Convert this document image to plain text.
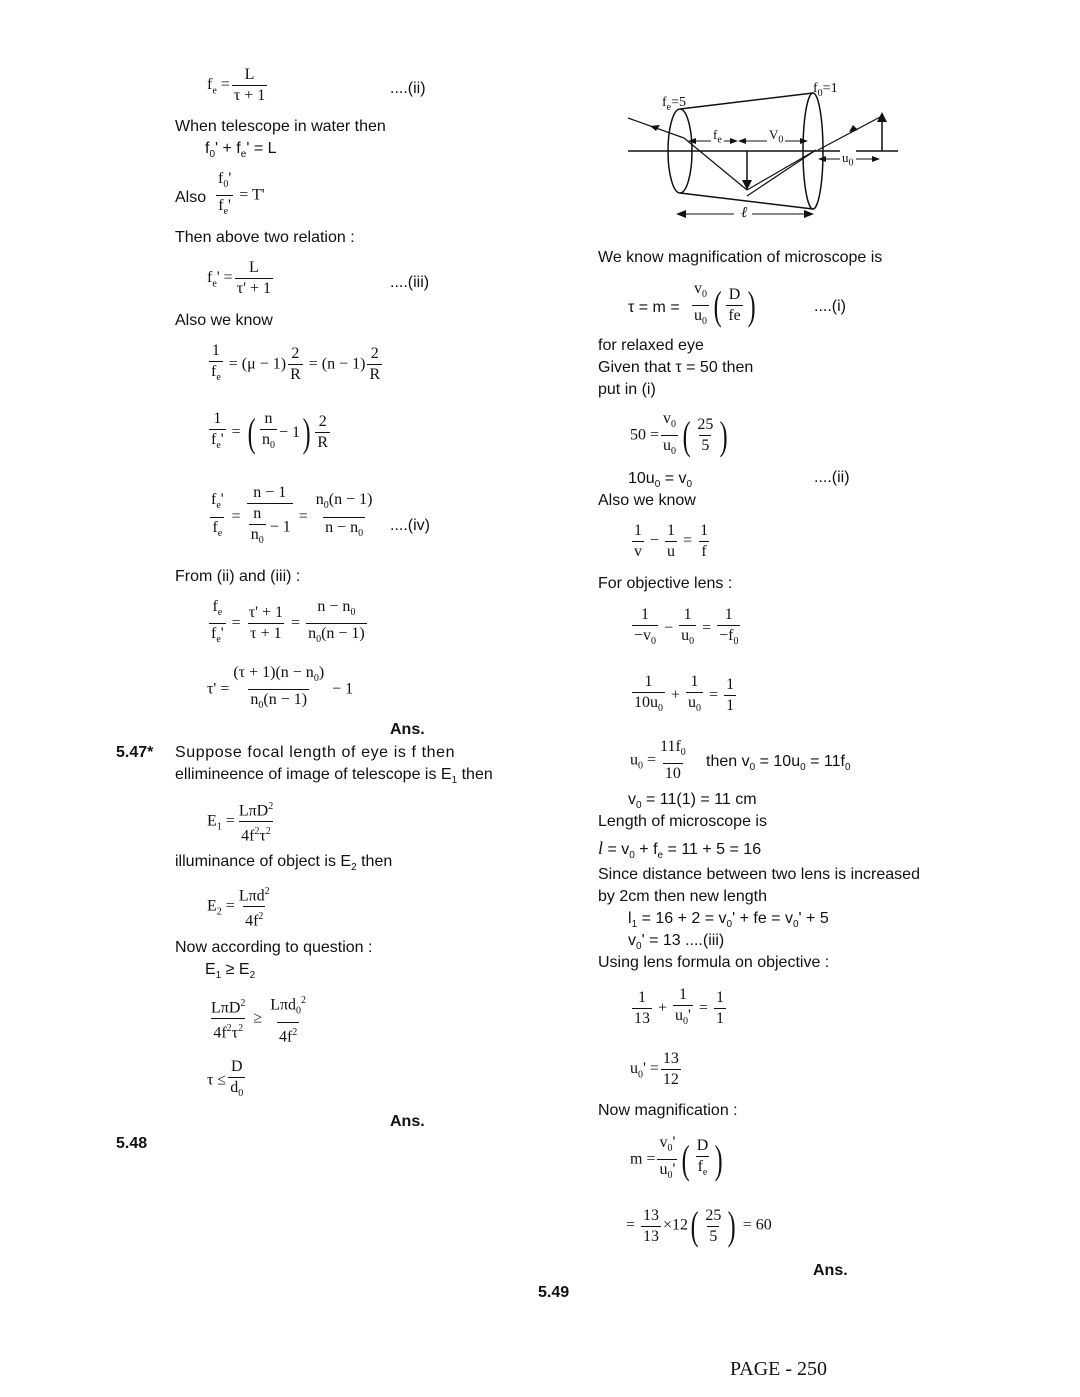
$f_e = \frac{L}{\tau + 1}$	....(ii)
When telescope in water then
$f_0' + f_e' = L$
Also $\frac{f_0'}{f_e'} = T'$
Then above two relation :
$f_e' = \frac{L}{\tau' + 1}$	....(iii)
Also we know
$\frac{1}{f_e} = (\mu - 1) \frac{2}{R} = (n - 1) \frac{2}{R}$
$\frac{1}{f_e'}$ = ( $\frac{n}{n_0} - 1$ ) $\frac{2}{R}$
$\frac{f_e'}{f_e} = \frac{n - 1}{\frac{n}{n_0} - 1} = \frac{n_0(n - 1)}{n - n_0} ....(iv)$
From (ii) and (iii) :
$\frac{f_e}{f_e'} = \frac{\tau' + 1}{\tau + 1} = \frac{n - n_0}{n_0(n - 1)}$
$\tau' = \frac{(\tau + 1)(n - n_0)}{n_0(n - 1)} - 1$
Ans.
5.47* Suppose focal length of eye is f then
ellimineence of image of telescope is $E_1$ then
$E_1 = \frac{L\pi D^2}{4f^2\tau^2}$
illuminance of object is $E_2$ then
$E_2 = \frac{L\pi d^2}{4f^2}$
Now according to question :
$E_1 \ge E_2$
$\frac{L\pi D^2}{4f^2\tau^2} \ge \frac{L\pi d_0^2}{4f^2}$
$\tau \le \frac{D}{d_0}$
Ans.
5.48
$f_e=5$
$f_0=1$
$f_e$	$V_0$
$u_0$
ℓ
We know magnification of microscope is
$\tau = m = \frac{v_0}{u_0}$ ( $\frac{D}{fe}$ )	....(i)
for relaxed eye
Given that τ = 50 then
put in (i)
$50 = \frac{v_0}{u_0}$ ( $\frac{25}{5}$ )
$10u_0 = v_0$	....(ii)
Also we know
$\frac{1}{v} - \frac{1}{u} = \frac{1}{f}$
For objective lens :
$\frac{1}{-v_0} - \frac{1}{u_0} = \frac{1}{-f_0}$
$\frac{1}{10u_0} + \frac{1}{u_0} = \frac{1}{1}$
$u_0 = \frac{11f_0}{10}$ then $v_0 = 10u_0 = 11f_0$
$v_0 = 11(1) = 11$ cm
Length of microscope is
$l = v_0 + f_e = 11 + 5 = 16$
Since distance between two lens is increased
by 2cm then new length
$l_1 = 16 + 2 = v_0'$ + fe = $v_0' + 5$
$v_0' = 13$ ....(iii)
Using lens formula on objective :
$\frac{1}{13} + \frac{1}{u_0'} = \frac{1}{1}$
$u_0' = \frac{13}{12}$
Now magnification :
$m = \frac{v_0'}{u_0'}$ ( $\frac{D}{f_e}$ )
= $\frac{13}{13} \times 12$ ( $\frac{25}{5}$ ) = 60
Ans.
5.49
PAGE - 250
